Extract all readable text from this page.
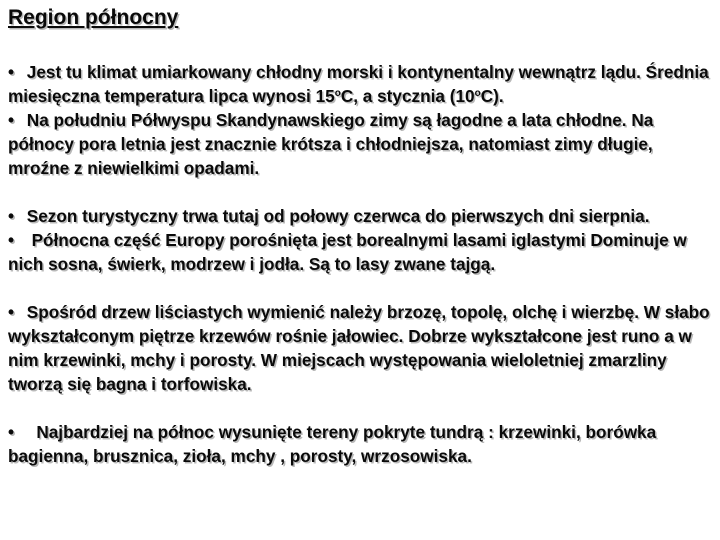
Region północny

• Jest tu klimat umiarkowany chłodny morski i kontynentalny wewnątrz lądu. Średnia miesięczna temperatura lipca wynosi 15$^o$C, a stycznia (10$^o$C).

• Na południu Półwyspu Skandynawskiego zimy są łagodne a lata chłodne. Na północy pora letnia jest znacznie krótsza i chłodniejsza, natomiast zimy długie, mroźne z niewielkimi opadami.

• Sezon turystyczny trwa tutaj od połowy czerwca do pierwszych dni sierpnia.

• Północna część Europy porośnięta jest borealnymi lasami iglastymi Dominuje w nich sosna, świerk, modrzew i jodła. Są to lasy zwane tajgą.

• Spośród drzew liściastych wymienić należy brzozę, topolę, olchę i wierzbę. W słabo wykształconym piętrze krzewów rośnie jałowiec. Dobrze wykształcone jest runo a w nim krzewinki, mchy i porosty. W miejscach występowania wieloletniej zmarzliny tworzą się bagna i torfowiska.

• Najbardziej na północ wysunięte tereny pokryte tundrą : krzewinki, borówka bagienna, brusznica, zioła, mchy , porosty, wrzosowiska.
